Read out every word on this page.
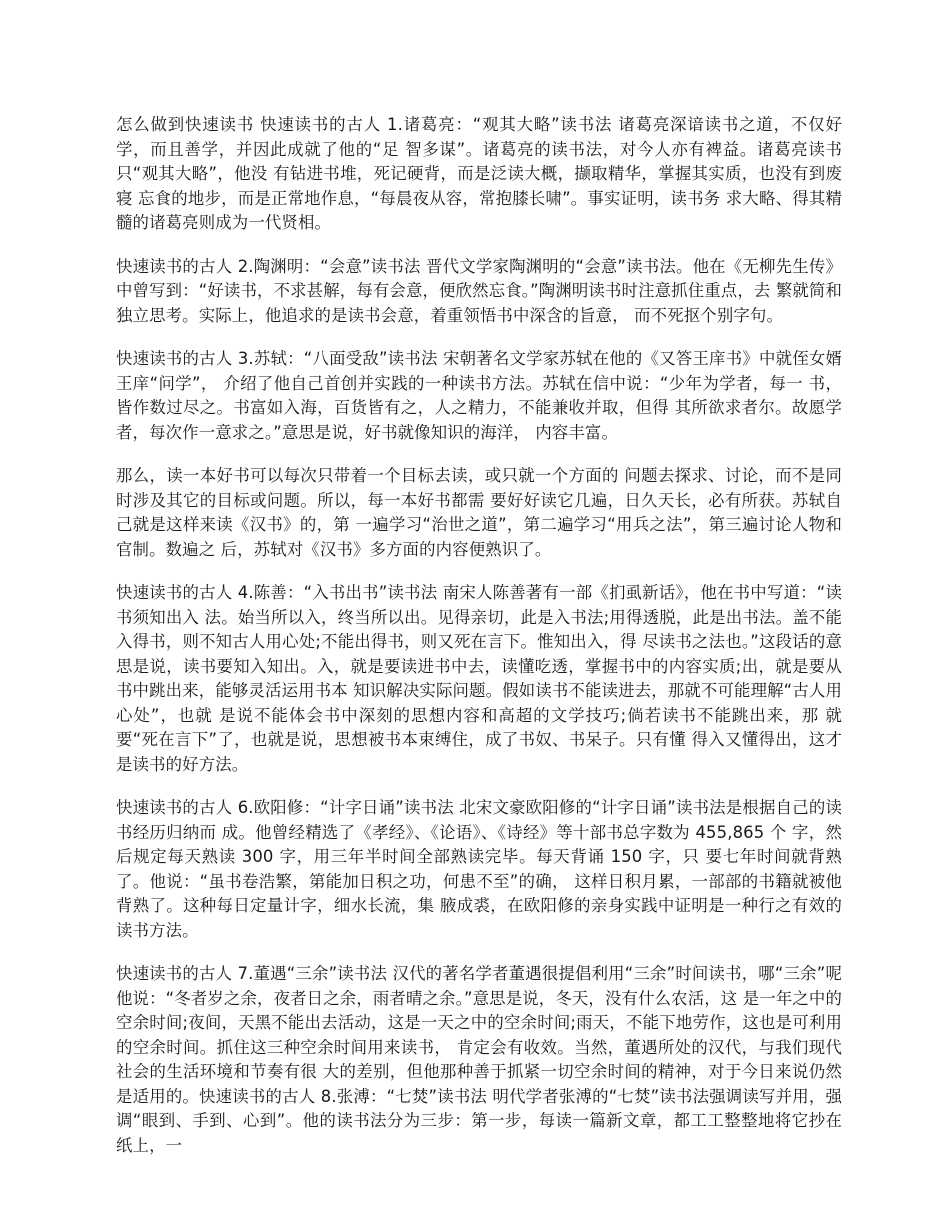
怎么做到快速读书 快速读书的古人 1.诸葛亮：“观其大略”读书法 诸葛亮深谙读书之道，不仅好学，而且善学，并因此成就了他的“足 智多谋”。诸葛亮的读书法，对今人亦有裨益。诸葛亮读书只“观其大略”，他没 有钻进书堆，死记硬背，而是泛读大概，撷取精华，掌握其实质，也没有到废寝 忘食的地步，而是正常地作息，“每晨夜从容，常抱膝长啸”。事实证明，读书务 求大略、得其精髓的诸葛亮则成为一代贤相。

快速读书的古人 2.陶渊明：“会意”读书法 晋代文学家陶渊明的“会意”读书法。他在《无柳先生传》中曾写到：“好读书，不求甚解，每有会意，便欣然忘食。”陶渊明读书时注意抓住重点，去 繁就简和独立思考。实际上，他追求的是读书会意，着重领悟书中深含的旨意， 而不死抠个别字句。

快速读书的古人 3.苏轼：“八面受敌”读书法 宋朝著名文学家苏轼在他的《又答王庠书》中就侄女婿王庠“问学”， 介绍了他自己首创并实践的一种读书方法。苏轼在信中说：“少年为学者，每一 书，皆作数过尽之。书富如入海，百货皆有之，人之精力，不能兼收并取，但得 其所欲求者尔。故愿学者，每次作一意求之。”意思是说，好书就像知识的海洋， 内容丰富。

那么，读一本好书可以每次只带着一个目标去读，或只就一个方面的 问题去探求、讨论，而不是同时涉及其它的目标或问题。所以，每一本好书都需 要好好读它几遍，日久天长，必有所获。苏轼自己就是这样来读《汉书》的，第 一遍学习“治世之道”，第二遍学习“用兵之法”，第三遍讨论人物和官制。数遍之 后，苏轼对《汉书》多方面的内容便熟识了。

快速读书的古人 4.陈善：“入书出书”读书法 南宋人陈善著有一部《扪虱新话》，他在书中写道：“读书须知出入 法。始当所以入，终当所以出。见得亲切，此是入书法;用得透脱，此是出书法。盖不能入得书，则不知古人用心处;不能出得书，则又死在言下。惟知出入，得 尽读书之法也。”这段话的意思是说，读书要知入知出。入，就是要读进书中去，读懂吃透，掌握书中的内容实质;出，就是要从书中跳出来，能够灵活运用书本 知识解决实际问题。假如读书不能读进去，那就不可能理解“古人用心处”，也就 是说不能体会书中深刻的思想内容和高超的文学技巧;倘若读书不能跳出来，那 就要“死在言下”了，也就是说，思想被书本束缚住，成了书奴、书呆子。只有懂 得入又懂得出，这才是读书的好方法。

快速读书的古人 6.欧阳修：“计字日诵”读书法 北宋文豪欧阳修的“计字日诵”读书法是根据自己的读书经历归纳而 成。他曾经精选了《孝经》、《论语》、《诗经》等十部书总字数为 455,865 个 字，然后规定每天熟读 300 字，用三年半时间全部熟读完毕。每天背诵 150 字，只 要七年时间就背熟了。他说：“虽书卷浩繁，第能加日积之功，何患不至”的确， 这样日积月累，一部部的书籍就被他背熟了。这种每日定量计字，细水长流，集 腋成裘，在欧阳修的亲身实践中证明是一种行之有效的读书方法。

快速读书的古人 7.董遇“三余”读书法 汉代的著名学者董遇很提倡利用“三余”时间读书，哪“三余”呢他说：“冬者岁之余，夜者日之余，雨者晴之余。”意思是说，冬天，没有什么农活，这 是一年之中的空余时间;夜间，天黑不能出去活动，这是一天之中的空余时间;雨天，不能下地劳作，这也是可利用的空余时间。抓住这三种空余时间用来读书， 肯定会有收效。当然，董遇所处的汉代，与我们现代社会的生活环境和节奏有很 大的差别，但他那种善于抓紧一切空余时间的精神，对于今日来说仍然是适用的。快速读书的古人 8.张溥：“七焚”读书法 明代学者张溥的“七焚”读书法强调读写并用，强调“眼到、手到、心到”。他的读书法分为三步：第一步，每读一篇新文章，都工工整整地将它抄在 纸上，一
